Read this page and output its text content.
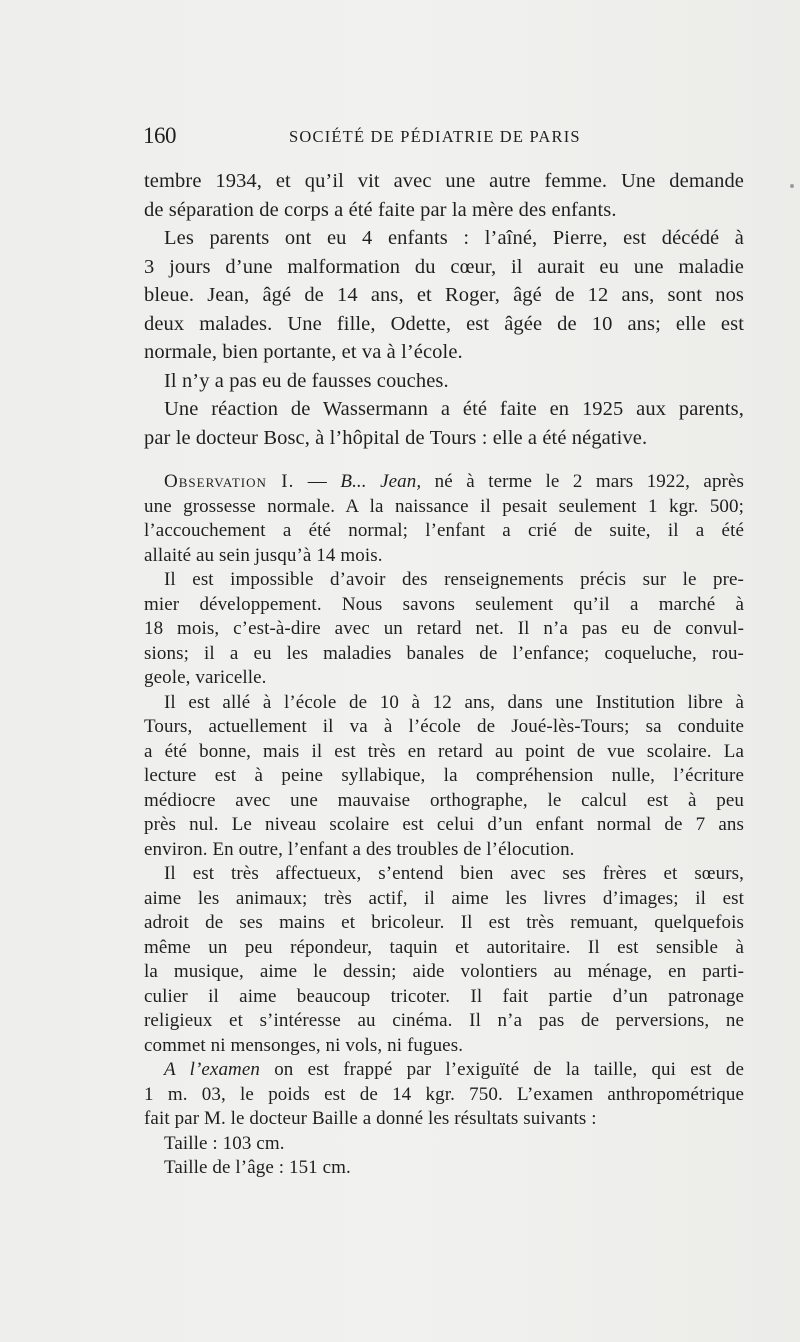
160	SOCIÉTÉ DE PÉDIATRIE DE PARIS

tembre 1934, et qu’il vit avec une autre femme. Une demande

de séparation de corps a été faite par la mère des enfants.

Les parents ont eu 4 enfants : l’aîné, Pierre, est décédé à

3 jours d’une malformation du cœur, il aurait eu une maladie

bleue. Jean, âgé de 14 ans, et Roger, âgé de 12 ans, sont nos

deux malades. Une fille, Odette, est âgée de 10 ans; elle est

normale, bien portante, et va à l’école.

Il n’y a pas eu de fausses couches.

Une réaction de Wassermann a été faite en 1925 aux parents,

par le docteur Bosc, à l’hôpital de Tours : elle a été négative.

Observation I. — B... Jean, né à terme le 2 mars 1922, après

une grossesse normale. A la naissance il pesait seulement 1 kgr. 500;

l’accouchement a été normal; l’enfant a crié de suite, il a été

allaité au sein jusqu’à 14 mois.

Il est impossible d’avoir des renseignements précis sur le pre-

mier développement. Nous savons seulement qu’il a marché à

18 mois, c’est-à-dire avec un retard net. Il n’a pas eu de convul-

sions; il a eu les maladies banales de l’enfance; coqueluche, rou-

geole, varicelle.

Il est allé à l’école de 10 à 12 ans, dans une Institution libre à

Tours, actuellement il va à l’école de Joué-lès-Tours; sa conduite

a été bonne, mais il est très en retard au point de vue scolaire. La

lecture est à peine syllabique, la compréhension nulle, l’écriture

médiocre avec une mauvaise orthographe, le calcul est à peu

près nul. Le niveau scolaire est celui d’un enfant normal de 7 ans

environ. En outre, l’enfant a des troubles de l’élocution.

Il est très affectueux, s’entend bien avec ses frères et sœurs,

aime les animaux; très actif, il aime les livres d’images; il est

adroit de ses mains et bricoleur. Il est très remuant, quelquefois

même un peu répondeur, taquin et autoritaire. Il est sensible à

la musique, aime le dessin; aide volontiers au ménage, en parti-

culier il aime beaucoup tricoter. Il fait partie d’un patronage

religieux et s’intéresse au cinéma. Il n’a pas de perversions, ne

commet ni mensonges, ni vols, ni fugues.

A l’examen on est frappé par l’exiguïté de la taille, qui est de

1 m. 03, le poids est de 14 kgr. 750. L’examen anthropométrique

fait par M. le docteur Baille a donné les résultats suivants :

Taille : 103 cm.

Taille de l’âge : 151 cm.
